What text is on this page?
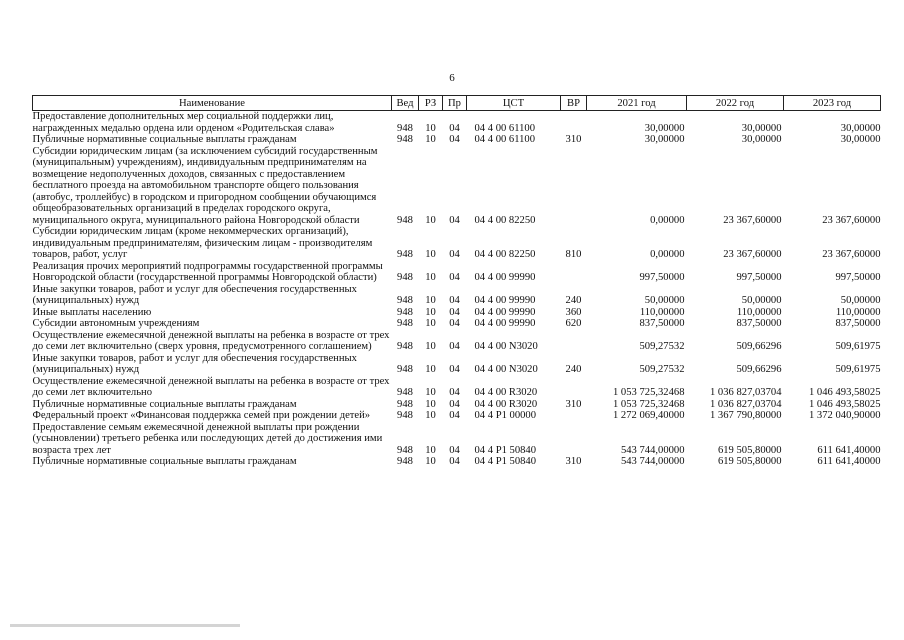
6
Наименование	Вед	РЗ	Пр	ЦСТ	ВР	2021 год	2022 год	2023 год
Предоставление дополнительных мер социальной поддержки лиц, награжденных медалью ордена или орденом «Родительская слава»	948	10	04	04 4 00 61100		30,00000	30,00000	30,00000
Публичные нормативные социальные выплаты гражданам	948	10	04	04 4 00 61100	310	30,00000	30,00000	30,00000
Субсидии юридическим лицам (за исключением субсидий государственным (муниципальным) учреждениям), индивидуальным предпринимателям на возмещение недополученных доходов, связанных с предоставлением бесплатного проезда на автомобильном транспорте общего пользования (автобус, троллейбус) в городском и пригородном сообщении обучающимся общеобразовательных организаций в пределах городского округа, муниципального округа, муниципального района Новгородской области	948	10	04	04 4 00 82250		0,00000	23 367,60000	23 367,60000
Субсидии юридическим лицам (кроме некоммерческих организаций), индивидуальным предпринимателям, физическим лицам - производителям товаров, работ, услуг	948	10	04	04 4 00 82250	810	0,00000	23 367,60000	23 367,60000
Реализация прочих мероприятий подпрограммы государственной программы Новгородской области (государственной программы Новгородской области)	948	10	04	04 4 00 99990		997,50000	997,50000	997,50000
Иные закупки товаров, работ и услуг для обеспечения государственных (муниципальных) нужд	948	10	04	04 4 00 99990	240	50,00000	50,00000	50,00000
Иные выплаты населению	948	10	04	04 4 00 99990	360	110,00000	110,00000	110,00000
Субсидии автономным учреждениям	948	10	04	04 4 00 99990	620	837,50000	837,50000	837,50000
Осуществление ежемесячной денежной выплаты на ребенка в возрасте от трех до семи лет включительно (сверх уровня, предусмотренного соглашением)	948	10	04	04 4 00 N3020		509,27532	509,66296	509,61975
Иные закупки товаров, работ и услуг для обеспечения государственных (муниципальных) нужд	948	10	04	04 4 00 N3020	240	509,27532	509,66296	509,61975
Осуществление ежемесячной денежной выплаты на ребенка в возрасте от трех до семи лет включительно	948	10	04	04 4 00 R3020		1 053 725,32468	1 036 827,03704	1 046 493,58025
Публичные нормативные социальные выплаты гражданам	948	10	04	04 4 00 R3020	310	1 053 725,32468	1 036 827,03704	1 046 493,58025
Федеральный проект «Финансовая поддержка семей при рождении детей»	948	10	04	04 4 P1 00000		1 272 069,40000	1 367 790,80000	1 372 040,90000
Предоставление семьям ежемесячной денежной выплаты при рождении (усыновлении) третьего ребенка или последующих детей до достижения ими возраста трех лет	948	10	04	04 4 P1 50840		543 744,00000	619 505,80000	611 641,40000
Публичные нормативные социальные выплаты гражданам	948	10	04	04 4 P1 50840	310	543 744,00000	619 505,80000	611 641,40000
